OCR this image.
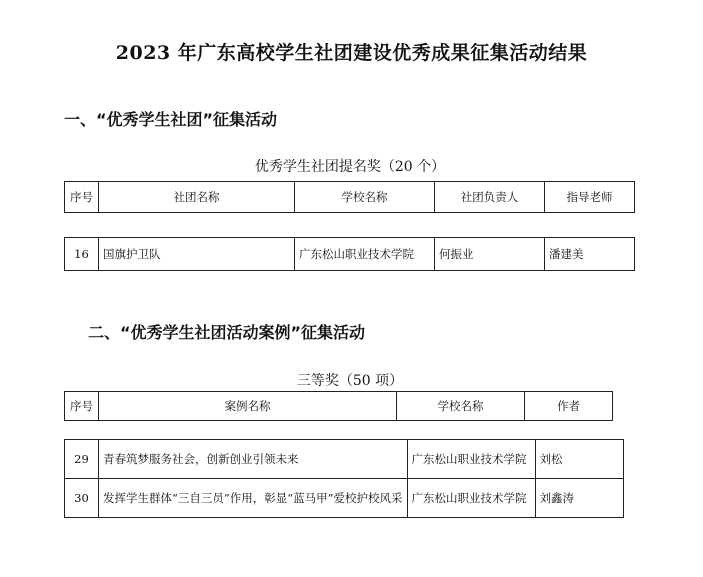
2023 年广东高校学生社团建设优秀成果征集活动结果
一、“优秀学生社团”征集活动
优秀学生社团提名奖（20 个）
序号	社团名称	学校名称	社团负责人	指导老师
16	国旗护卫队	广东松山职业技术学院	何振业	潘建美
二、“优秀学生社团活动案例”征集活动
三等奖（50 项）
序号	案例名称	学校名称	作者
29	青春筑梦服务社会，创新创业引领未来	广东松山职业技术学院	刘松
30	发挥学生群体“三自三员”作用，彰显“蓝马甲”爱校护校风采	广东松山职业技术学院	刘鑫涛
